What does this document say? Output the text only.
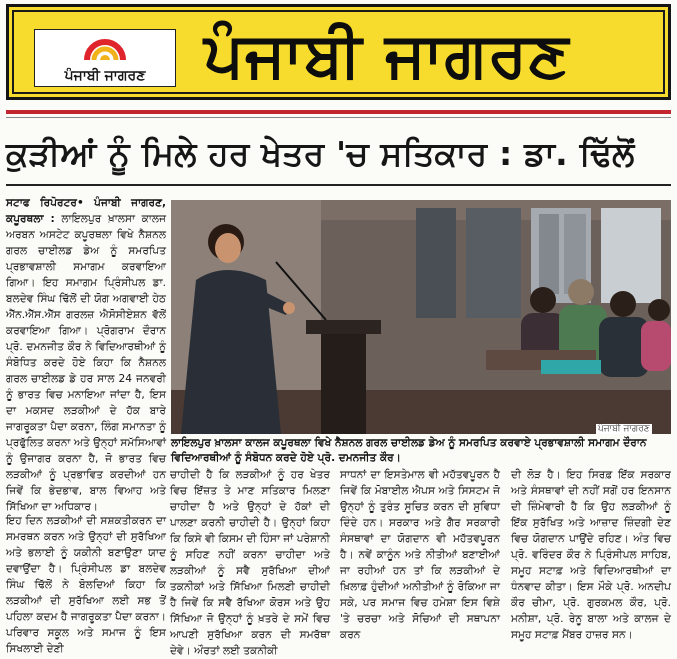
ਪੰਜਾਬੀ ਜਾਗਰਣ ਪੰਜਾਬੀ ਜਾਗਰਣ
ਕੁੜੀਆਂ ਨੂੰ ਮਿਲੇ ਹਰ ਖੇਤਰ 'ਚ ਸਤਿਕਾਰ : ਡਾ. ਢਿੱਲੋਂ

ਸਟਾਫ ਰਿਪੋਰਟਰ• ਪੰਜਾਬੀ ਜਾਗਰਣ, ਕਪੂਰਥਲਾ : ਲਾਇਲਪੁਰ ਖ਼ਾਲਸਾ ਕਾਲਜ ਅਰਬਨ ਅਸਟੇਟ ਕਪੂਰਥਲਾ ਵਿਖੇ ਨੈਸ਼ਨਲ ਗਰਲ ਚਾਈਲਡ ਡੇਅ ਨੂੰ ਸਮਰਪਿਤ ਪ੍ਰਭਾਵਸ਼ਾਲੀ ਸਮਾਗਮ ਕਰਵਾਇਆ ਗਿਆ। ਇਹ ਸਮਾਗਮ ਪ੍ਰਿੰਸੀਪਲ ਡਾ. ਬਲਦੇਵ ਸਿੰਘ ਢਿੱਲੋਂ ਦੀ ਯੋਗ ਅਗਵਾਈ ਹੇਠ ਐੱਨ.ਐੱਸ.ਐੱਸ ਗਰਲਜ਼ ਐਸੋਸੀਏਸ਼ਨ ਵੱਲੋਂ ਕਰਵਾਇਆ ਗਿਆ। ਪ੍ਰੋਗਰਾਮ ਦੌਰਾਨ ਪ੍ਰੋ. ਦਮਨਜੀਤ ਕੌਰ ਨੇ ਵਿਦਿਆਰਥੀਆਂ ਨੂੰ ਸੰਬੋਧਿਤ ਕਰਦੇ ਹੋਏ ਕਿਹਾ ਕਿ ਨੈਸ਼ਨਲ ਗਰਲ ਚਾਈਲਡ ਡੇ ਹਰ ਸਾਲ 24 ਜਨਵਰੀ ਨੂੰ ਭਾਰਤ ਵਿਚ ਮਨਾਇਆ ਜਾਂਦਾ ਹੈ, ਇਸ ਦਾ ਮਕਸਦ ਲੜਕੀਆਂ ਦੇ ਹੱਕ ਬਾਰੇ ਜਾਗਰੂਕਤਾ ਪੈਦਾ ਕਰਨਾ, ਲਿੰਗ ਸਮਾਨਤਾ ਨੂੰ ਪ੍ਰਫੁੱਲਿਤ ਕਰਨਾ ਅਤੇ ਉਨ੍ਹਾਂ ਸਮੱਸਿਆਵਾਂ ਨੂੰ ਉਜਾਗਰ ਕਰਨਾ ਹੈ, ਜੋ ਭਾਰਤ ਵਿਚ ਲੜਕੀਆਂ ਨੂੰ ਪ੍ਰਭਾਵਿਤ ਕਰਦੀਆਂ ਹਨ ਜਿਵੇਂ ਕਿ ਭੇਦਭਾਵ, ਬਾਲ ਵਿਆਹ ਅਤੇ ਸਿੱਖਿਆ ਦਾ ਅਧਿਕਾਰ।

ਪੰਜਾਬੀ ਜਾਗਰਣ
ਲਾਇਲਪੁਰ ਖ਼ਾਲਸਾ ਕਾਲਜ ਕਪੂਰਥਲਾ ਵਿਖੇ ਨੈਸ਼ਨਲ ਗਰਲ ਚਾਈਲਡ ਡੇਅ ਨੂੰ ਸਮਰਪਿਤ ਕਰਵਾਏ ਪ੍ਰਭਾਵਸ਼ਾਲੀ ਸਮਾਗਮ ਦੌਰਾਨ ਵਿਦਿਆਰਥੀਆਂ ਨੂੰ ਸੰਬੋਧਨ ਕਰਦੇ ਹੋਏ ਪ੍ਰੋ. ਦਮਨਜੀਤ ਕੌਰ।

ਇਹ ਦਿਨ ਲੜਕੀਆਂ ਦੀ ਸਸ਼ਕਤੀਕਰਨ ਦਾ ਸਮਰਥਨ ਕਰਨ ਅਤੇ ਉਨ੍ਹਾਂ ਦੀ ਸੁਰੱਖਿਆ ਅਤੇ ਭਲਾਈ ਨੂੰ ਯਕੀਨੀ ਬਣਾਉਣਾ ਯਾਦ ਦਵਾਉਂਦਾ ਹੈ। ਪ੍ਰਿੰਸੀਪਲ ਡਾ ਬਲਦੇਵ ਸਿੰਘ ਢਿੱਲੋਂ ਨੇ ਬੋਲਦਿਆਂ ਕਿਹਾ ਕਿ ਲੜਕੀਆਂ ਦੀ ਸੁਰੱਖਿਆ ਲਈ ਸਭ ਤੋਂ ਪਹਿਲਾ ਕਦਮ ਹੈ ਜਾਗਰੂਕਤਾ ਪੈਦਾ ਕਰਨਾ। ਪਰਿਵਾਰ ਸਕੂਲ ਅਤੇ ਸਮਾਜ ਨੂੰ ਇਸ ਸਿਖਲਾਈ ਦੇਣੀ

ਚਾਹੀਦੀ ਹੈ ਕਿ ਲੜਕੀਆਂ ਨੂੰ ਹਰ ਖੇਤਰ ਵਿਚ ਇੱਜ਼ਤ ਤੇ ਮਾਣ ਸਤਿਕਾਰ ਮਿਲਣਾ ਚਾਹੀਦਾ ਹੈ ਅਤੇ ਉਨ੍ਹਾਂ ਦੇ ਹੱਕਾਂ ਦੀ ਪਾਲਣਾ ਕਰਨੀ ਚਾਹੀਦੀ ਹੈ। ਉਨ੍ਹਾਂ ਕਿਹਾ ਕਿ ਕਿਸੇ ਵੀ ਕਿਸਮ ਦੀ ਹਿੰਸਾ ਜਾਂ ਪਰੇਸ਼ਾਨੀ ਨੂੰ ਸਹਿਣ ਨਹੀਂ ਕਰਨਾ ਚਾਹੀਦਾ ਅਤੇ ਲੜਕੀਆਂ ਨੂੰ ਸਵੈ ਸੁਰੱਖਿਆ ਦੀਆਂ ਤਕਨੀਕਾਂ ਅਤੇ ਸਿੱਖਿਆ ਮਿਲਣੀ ਚਾਹੀਦੀ ਹੈ ਜਿਵੇਂ ਕਿ ਸਵੈ ਰੱਖਿਆ ਕੋਰਸ ਅਤੇ ਉਹ ਸਿੱਖਿਆ ਜੋ ਉਨ੍ਹਾਂ ਨੂੰ ਖ਼ਤਰੇ ਦੇ ਸਮੇਂ ਵਿਚ ਆਪਣੀ ਸੁਰੱਖਿਆ ਕਰਨ ਦੀ ਸਮਰੱਥਾ ਦੇਵੇ। ਔਰਤਾਂ ਲਈ ਤਕਨੀਕੀ

ਸਾਧਨਾਂ ਦਾ ਇਸਤੇਮਾਲ ਵੀ ਮਹੱਤਵਪੂਰਨ ਹੈ ਜਿਵੇਂ ਕਿ ਮੋਬਾਈਲ ਐਪਸ ਅਤੇ ਸਿਸਟਮ ਜੋ ਉਨ੍ਹਾਂ ਨੂੰ ਤੁਰੰਤ ਸੂਚਿਤ ਕਰਨ ਦੀ ਸੁਵਿਧਾ ਦਿੰਦੇ ਹਨ। ਸਰਕਾਰ ਅਤੇ ਗੈਰ ਸਰਕਾਰੀ ਸੰਸਥਾਵਾਂ ਦਾ ਯੋਗਦਾਨ ਵੀ ਮਹੱਤਵਪੂਰਨ ਹੈ। ਨਵੇਂ ਕਾਨੂੰਨ ਅਤੇ ਨੀਤੀਆਂ ਬਣਾਈਆਂ ਜਾ ਰਹੀਆਂ ਹਨ ਤਾਂ ਕਿ ਲੜਕੀਆਂ ਦੇ ਖ਼ਿਲਾਫ਼ ਹੁੰਦੀਆਂ ਅਨੀਤੀਆਂ ਨੂੰ ਰੋਕਿਆ ਜਾ ਸਕੇ, ਪਰ ਸਮਾਜ ਵਿਚ ਹਮੇਸ਼ਾ ਇਸ ਵਿਸ਼ੇ 'ਤੇ ਚਰਚਾ ਅਤੇ ਸੋਚਿਆਂ ਦੀ ਸਥਾਪਨਾ ਕਰਨ

ਦੀ ਲੋੜ ਹੈ। ਇਹ ਸਿਰਫ਼ ਇੱਕ ਸਰਕਾਰ ਅਤੇ ਸੰਸਥਾਵਾਂ ਦੀ ਨਹੀਂ ਸਗੋਂ ਹਰ ਇਨਸਾਨ ਦੀ ਜ਼ਿੰਮੇਵਾਰੀ ਹੈ ਕਿ ਉਹ ਲੜਕੀਆਂ ਨੂੰ ਇੱਕ ਸੁਰੱਖਿਤ ਅਤੇ ਆਜ਼ਾਦ ਜ਼ਿੰਦਗੀ ਦੇਣ ਵਿਚ ਯੋਗਦਾਨ ਪਾਉਂਦੇ ਰਹਿਣ। ਅੰਤ ਵਿਚ ਪ੍ਰੋ. ਵਰਿੰਦਰ ਕੌਰ ਨੇ ਪ੍ਰਿੰਸੀਪਲ ਸਾਹਿਬ, ਸਮੂਹ ਸਟਾਫ਼ ਅਤੇ ਵਿਦਿਆਰਥੀਆਂ ਦਾ ਧੰਨਵਾਦ ਕੀਤਾ। ਇਸ ਮੌਕੇ ਪ੍ਰੋ. ਅਨਦੀਪ ਕੌਰ ਚੀਮਾ, ਪ੍ਰੋ. ਗੁਰਕਮਲ ਕੌਰ, ਪ੍ਰੋ. ਮਨੀਸ਼ਾ, ਪ੍ਰੋ. ਰੇਨੂ ਬਾਲਾ ਅਤੇ ਕਾਲਜ ਦੇ ਸਮੂਹ ਸਟਾਫ਼ ਮੈਂਬਰ ਹਾਜ਼ਰ ਸਨ।
